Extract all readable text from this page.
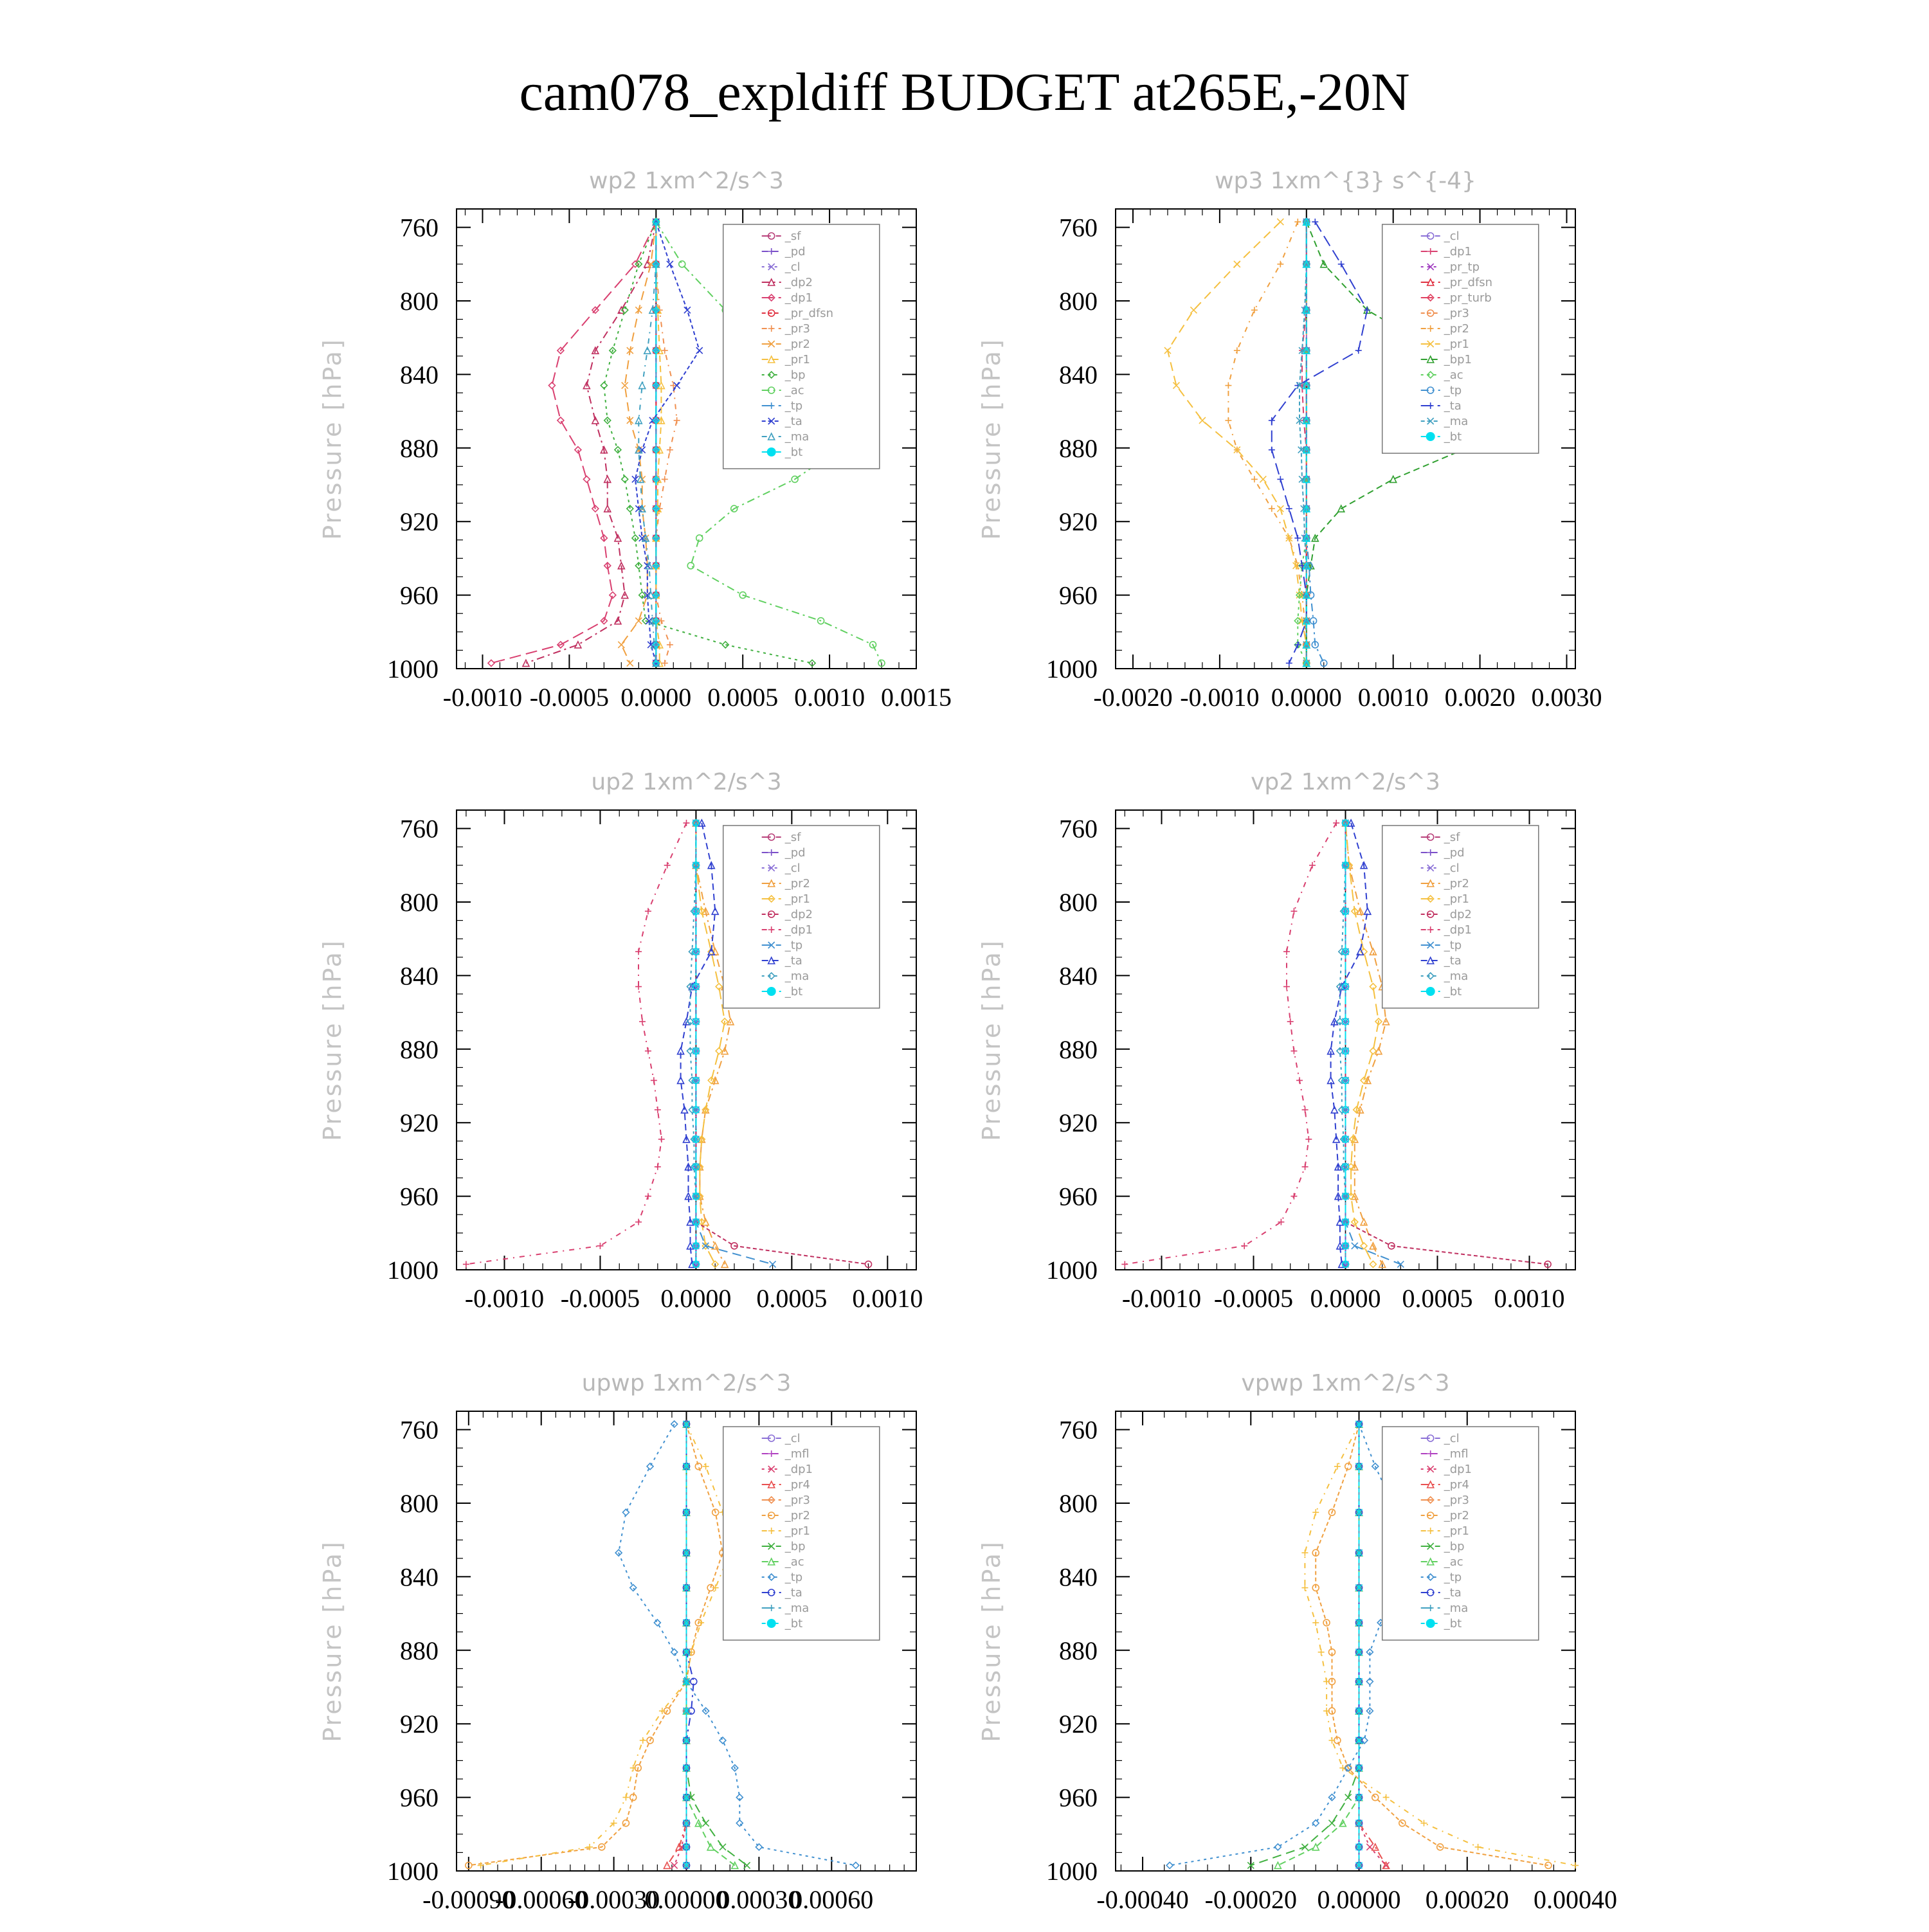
cam078_expldiff BUDGET at265E,-20N
wp2 1xm^2/s^3
Pressure [hPa]
760
800
840
880
920
960
1000
-0.0010 -0.0005 0.0000 0.0005 0.0010 0.0015
_sf
_pd
_cl
_dp2
_dp1
_pr_dfsn
_pr3
_pr2
_pr1
_bp
_ac
_tp
_ta
_ma
_bt
wp3 1xm^{3} s^{-4}
Pressure [hPa]
760
800
840
880
920
960
1000
-0.0020 -0.0010 0.0000 0.0010 0.0020 0.0030
_cl
_dp1
_pr_tp
_pr_dfsn
_pr_turb
_pr3
_pr2
_pr1
_bp1
_ac
_tp
_ta
_ma
_bt
up2 1xm^2/s^3
Pressure [hPa]
760
800
840
880
920
960
1000
-0.0010 -0.0005 0.0000 0.0005 0.0010
_sf
_pd
_cl
_pr2
_pr1
_dp2
_dp1
_tp
_ta
_ma
_bt
vp2 1xm^2/s^3
Pressure [hPa]
760
800
840
880
920
960
1000
-0.0010 -0.0005 0.0000 0.0005 0.0010
_sf
_pd
_cl
_pr2
_pr1
_dp2
_dp1
_tp
_ta
_ma
_bt
upwp 1xm^2/s^3
Pressure [hPa]
760
800
840
880
920
960
1000
-0.00090
-0.00060
-0.00030
0.00000
0.00030
0.00060
_cl
_mfl
_dp1
_pr4
_pr3
_pr2
_pr1
_bp
_ac
_tp
_ta
_ma
_bt
vpwp 1xm^2/s^3
Pressure [hPa]
760
800
840
880
920
960
1000
-0.00040 -0.00020 0.00000 0.00020 0.00040
_cl
_mfl
_dp1
_pr4
_pr3
_pr2
_pr1
_bp
_ac
_tp
_ta
_ma
_bt
